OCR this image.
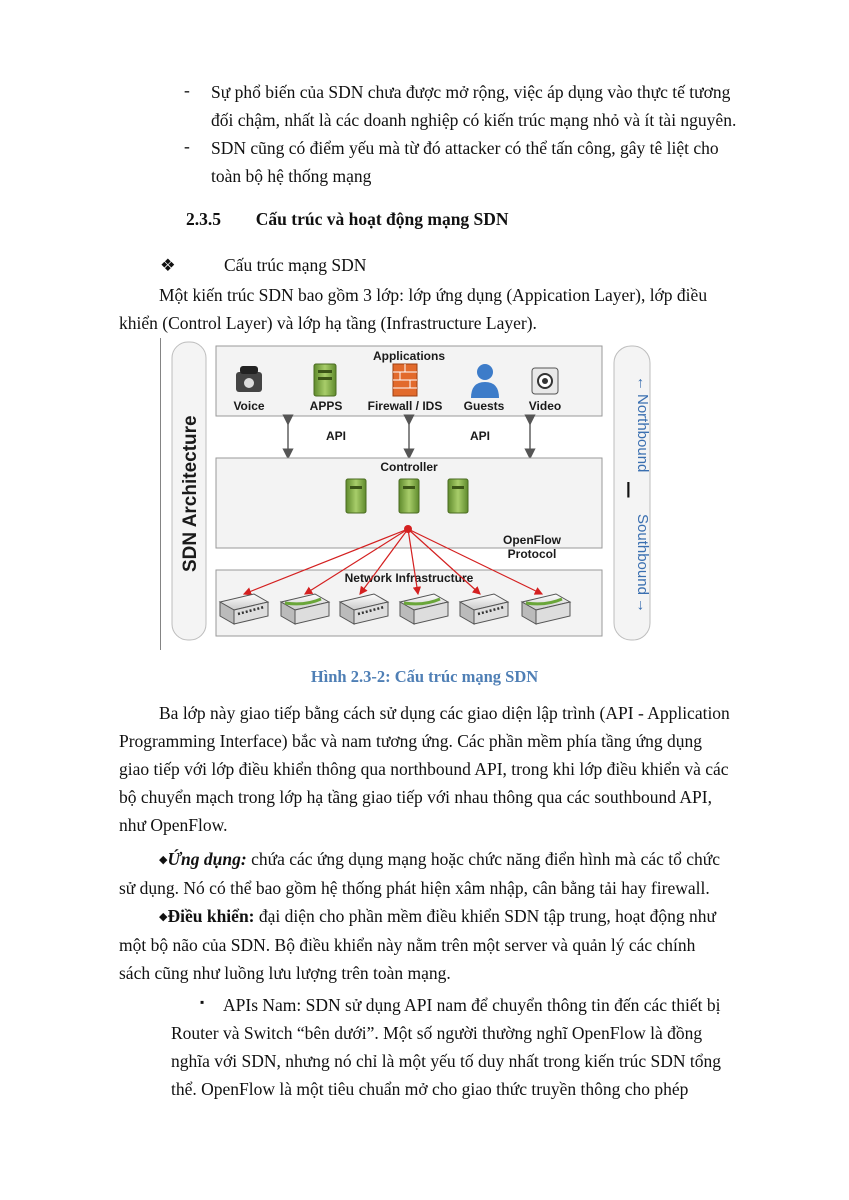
- Sự phổ biến của SDN chưa được mở rộng, việc áp dụng vào thực tế tương
đối chậm, nhất là các doanh nghiệp có kiến trúc mạng nhỏ và ít tài nguyên.
- SDN cũng có điểm yếu mà từ đó attacker có thể tấn công, gây tê liệt cho
toàn bộ hệ thống mạng
2.3.5 Cấu trúc và hoạt động mạng SDN
❖	Cấu trúc mạng SDN
Một kiến trúc SDN bao gồm 3 lớp: lớp ứng dụng (Appication Layer), lớp điều
khiển (Control Layer) và lớp hạ tầng (Infrastructure Layer).
SDN Architecture
Applications
Voice	APPS Firewall / IDS Guests Video
API	API
Controller
OpenFlow
Protocol
Network Infrastructure
←
Northbound
|
Southbound
→
Hình 2.3-2: Cấu trúc mạng SDN
Ba lớp này giao tiếp bằng cách sử dụng các giao diện lập trình (API - Application
Programming Interface) bắc và nam tương ứng. Các phần mềm phía tầng ứng dụng
giao tiếp với lớp điều khiển thông qua northbound API, trong khi lớp điều khiển và các
bộ chuyển mạch trong lớp hạ tầng giao tiếp với nhau thông qua các southbound API,
như OpenFlow.
◆Ứng dụng: chứa các ứng dụng mạng hoặc chức năng điển hình mà các tổ chức
sử dụng. Nó có thể bao gồm hệ thống phát hiện xâm nhập, cân bằng tải hay firewall.
◆Điều khiển: đại diện cho phần mềm điều khiển SDN tập trung, hoạt động như
một bộ não của SDN. Bộ điều khiển này nằm trên một server và quản lý các chính
sách cũng như luồng lưu lượng trên toàn mạng.
▪	APIs Nam: SDN sử dụng API nam để chuyển thông tin đến các thiết bị
Router và Switch “bên dưới”. Một số người thường nghĩ OpenFlow là đồng
nghĩa với SDN, nhưng nó chỉ là một yếu tố duy nhất trong kiến trúc SDN tổng
thể. OpenFlow là một tiêu chuẩn mở cho giao thức truyền thông cho phép
